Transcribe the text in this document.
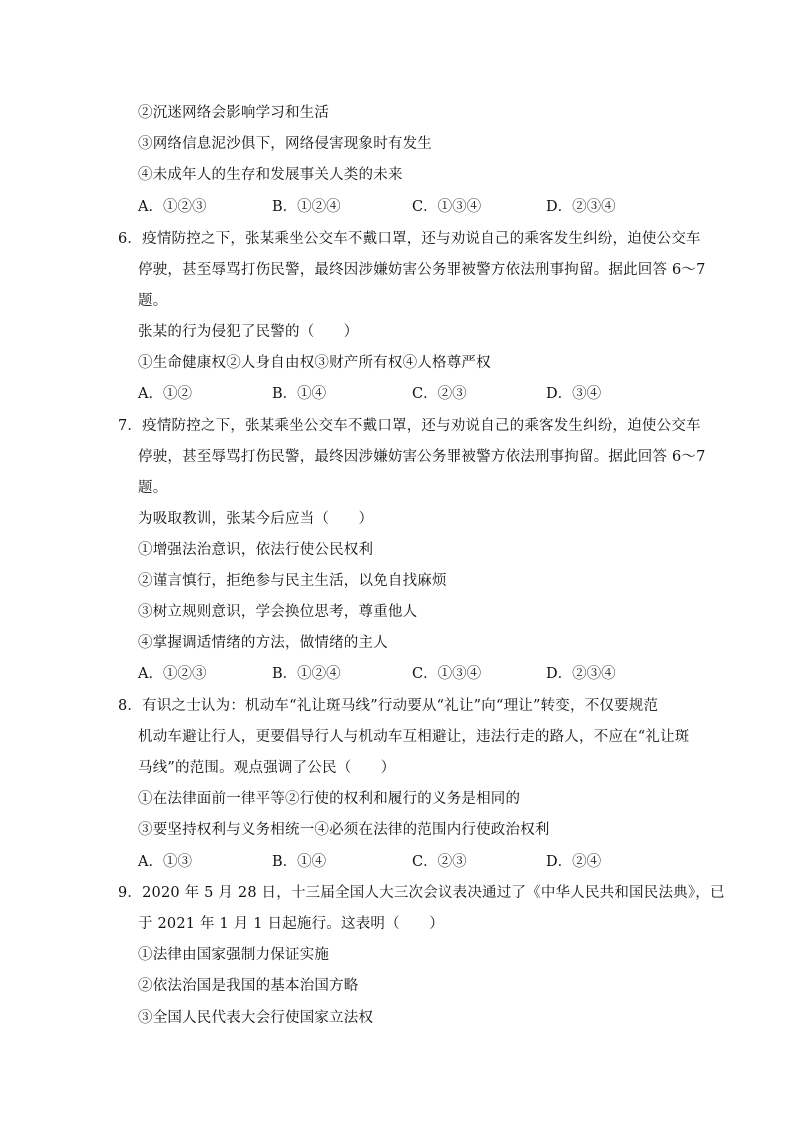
②沉迷网络会影响学习和生活
③网络信息泥沙俱下，网络侵害现象时有发生
④未成年人的生存和发展事关人类的未来
A．①②③	B．①②④	C．①③④	D．②③④
6．疫情防控之下，张某乘坐公交车不戴口罩，还与劝说自己的乘客发生纠纷，迫使公交车
停驶，甚至辱骂打伤民警，最终因涉嫌妨害公务罪被警方依法刑事拘留。据此回答 6～7
题。
张某的行为侵犯了民警的（　　）
①生命健康权②人身自由权③财产所有权④人格尊严权
A．①②	B．①④	C．②③	D．③④
7．疫情防控之下，张某乘坐公交车不戴口罩，还与劝说自己的乘客发生纠纷，迫使公交车
停驶，甚至辱骂打伤民警，最终因涉嫌妨害公务罪被警方依法刑事拘留。据此回答 6～7
题。
为吸取教训，张某今后应当（　　）
①增强法治意识，依法行使公民权利
②谨言慎行，拒绝参与民主生活，以免自找麻烦
③树立规则意识，学会换位思考，尊重他人
④掌握调适情绪的方法，做情绪的主人
A．①②③	B．①②④	C．①③④	D．②③④
8．有识之士认为：机动车“礼让斑马线”行动要从“礼让”向“理让”转变，不仅要规范
机动车避让行人，更要倡导行人与机动车互相避让，违法行走的路人，不应在“礼让斑
马线”的范围。观点强调了公民（　　）
①在法律面前一律平等②行使的权利和履行的义务是相同的
③要坚持权利与义务相统一④必须在法律的范围内行使政治权利
A．①③	B．①④	C．②③	D．②④
9．2020 年 5 月 28 日，十三届全国人大三次会议表决通过了《中华人民共和国民法典》，已
于 2021 年 1 月 1 日起施行。这表明（　　）
①法律由国家强制力保证实施
②依法治国是我国的基本治国方略
③全国人民代表大会行使国家立法权
